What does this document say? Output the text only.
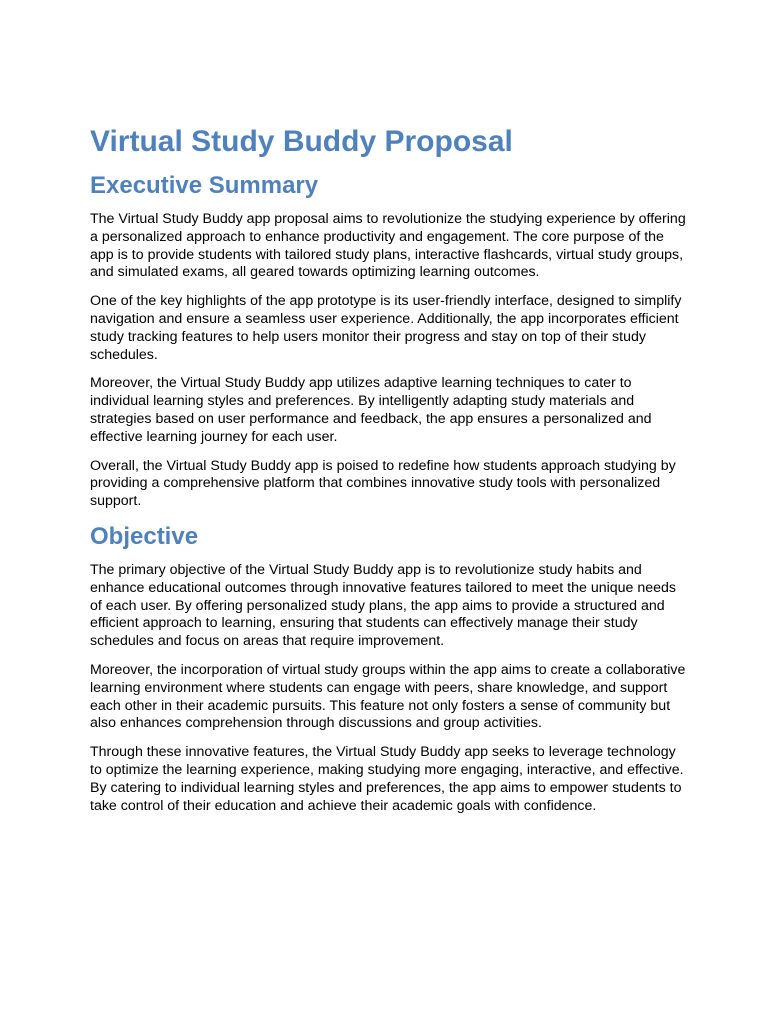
Virtual Study Buddy Proposal
Executive Summary

The Virtual Study Buddy app proposal aims to revolutionize the studying experience by offering a personalized approach to enhance productivity and engagement. The core purpose of the app is to provide students with tailored study plans, interactive flashcards, virtual study groups, and simulated exams, all geared towards optimizing learning outcomes.

One of the key highlights of the app prototype is its user-friendly interface, designed to simplify navigation and ensure a seamless user experience. Additionally, the app incorporates efficient study tracking features to help users monitor their progress and stay on top of their study schedules.

Moreover, the Virtual Study Buddy app utilizes adaptive learning techniques to cater to individual learning styles and preferences. By intelligently adapting study materials and strategies based on user performance and feedback, the app ensures a personalized and effective learning journey for each user.

Overall, the Virtual Study Buddy app is poised to redefine how students approach studying by providing a comprehensive platform that combines innovative study tools with personalized support.

Objective

The primary objective of the Virtual Study Buddy app is to revolutionize study habits and enhance educational outcomes through innovative features tailored to meet the unique needs of each user. By offering personalized study plans, the app aims to provide a structured and efficient approach to learning, ensuring that students can effectively manage their study schedules and focus on areas that require improvement.

Moreover, the incorporation of virtual study groups within the app aims to create a collaborative learning environment where students can engage with peers, share knowledge, and support each other in their academic pursuits. This feature not only fosters a sense of community but also enhances comprehension through discussions and group activities.

Through these innovative features, the Virtual Study Buddy app seeks to leverage technology to optimize the learning experience, making studying more engaging, interactive, and effective. By catering to individual learning styles and preferences, the app aims to empower students to take control of their education and achieve their academic goals with confidence.
